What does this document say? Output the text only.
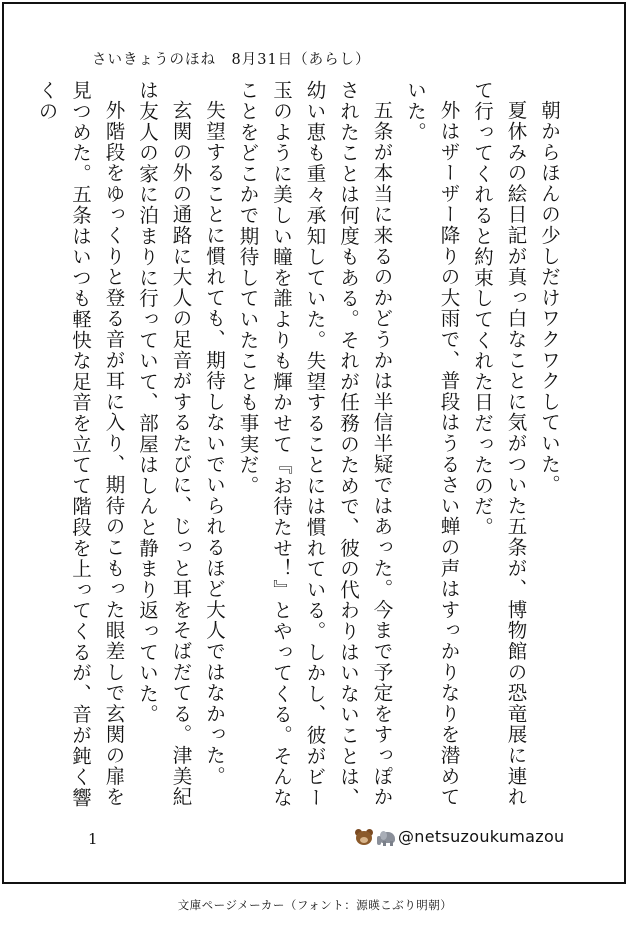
さいきょうのほね　8月31日（あらし）

朝からほんの少しだけワクワクしていた。

夏休みの絵日記が真っ白なことに気がついた五条が、博物館の恐竜展に連れて行ってくれると約束してくれた日だったのだ。

外はザーザー降りの大雨で、普段はうるさい蝉の声はすっかりなりを潜めていた。

五条が本当に来るのかどうかは半信半疑ではあった。今まで予定をすっぽかされたことは何度もある。それが任務のためで、彼の代わりはいないことは、幼い恵も重々承知していた。失望することには慣れている。しかし、彼がビー玉のように美しい瞳を誰よりも輝かせて『お待たせ！』とやってくる。そんなことをどこかで期待していたことも事実だ。

失望することに慣れても、期待しないでいられるほど大人ではなかった。

玄関の外の通路に大人の足音がするたびに、じっと耳をそばだてる。津美紀は友人の家に泊まりに行っていて、部屋はしんと静まり返っていた。

外階段をゆっくりと登る音が耳に入り、期待のこもった眼差しで玄関の扉を見つめた。五条はいつも軽快な足音を立てて階段を上ってくるが、音が鈍く響くの

1	@netsuzoukumazou
文庫ページメーカー（フォント：源暎こぶり明朝）
